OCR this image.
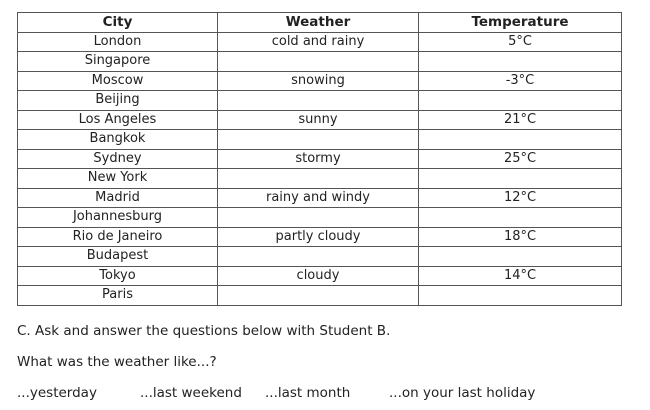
City	Weather	Temperature
London	cold and rainy	5°C
Singapore		
Moscow	snowing	-3°C
Beijing		
Los Angeles	sunny	21°C
Bangkok		
Sydney	stormy	25°C
New York		
Madrid	rainy and windy	12°C
Johannesburg		
Rio de Janeiro	partly cloudy	18°C
Budapest		
Tokyo	cloudy	14°C
Paris		

C. Ask and answer the questions below with Student B.

What was the weather like...?

...yesterday	...last weekend ...last month	...on your last holiday
